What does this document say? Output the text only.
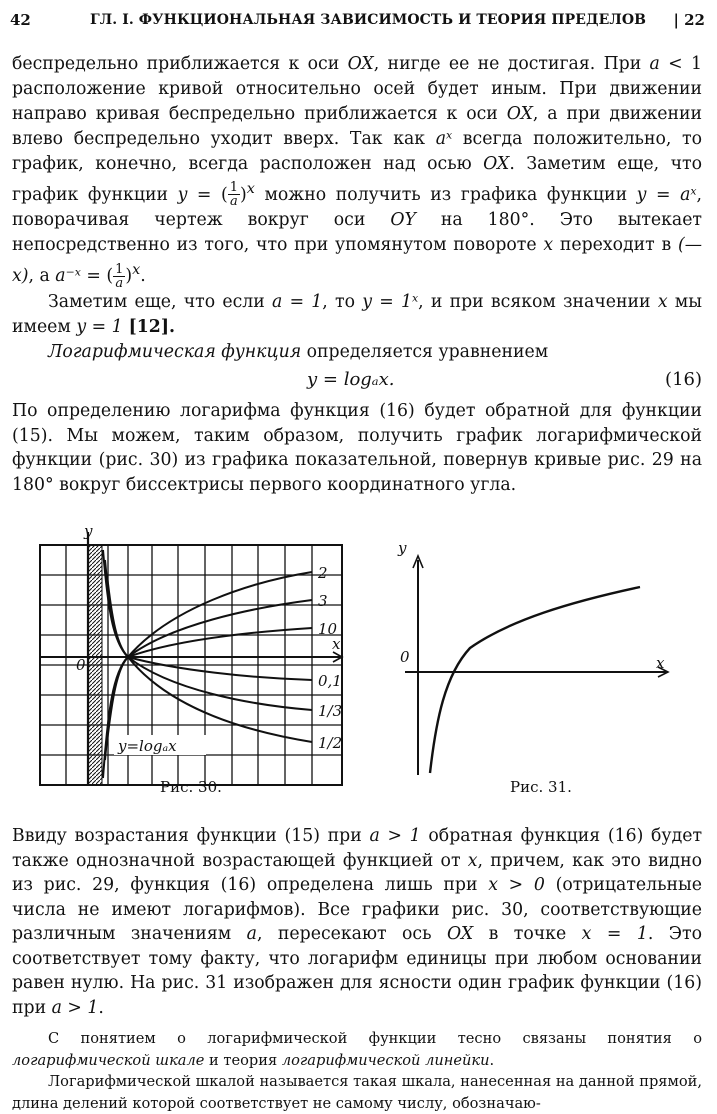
42	ГЛ. I. ФУНКЦИОНАЛЬНАЯ ЗАВИСИМОСТЬ И ТЕОРИЯ ПРЕДЕЛОВ | 22

беспредельно приближается к оси OX, нигде ее не достигая. При a < 1 расположение кривой относительно осей будет иным. При движении направо кривая беспредельно приближается к оси OX, а при движении влево беспредельно уходит вверх. Так как aˣ всегда положительно, то график, конечно, всегда расположен над осью OX. Заметим еще, что график функции y = ( $\frac{1}{a} )^x$ можно получить из графика функции y = aˣ, поворачивая чертеж вокруг оси OY на 180°. Это вытекает непосредственно из того, что при упомянутом повороте x переходит в (— x), а a⁻ˣ = ( $\frac{1}{a} )^x$.

Заметим еще, что если a = 1, то y = 1ˣ, и при всяком значении x мы имеем y = 1 [12].

Логарифмическая функция определяется уравнением

y = logₐx.	(16)

По определению логарифма функция (16) будет обратной для функции (15). Мы можем, таким образом, получить график логарифмической функции (рис. 30) из графика показательной, повернув кривые рис. 29 на 180° вокруг биссектрисы первого координатного угла.

y
x
0
2
3
10
0,1
1/3
1/2
y=logₐx
y
x
0
Рис. 30.	Рис. 31.

Ввиду возрастания функции (15) при a > 1 обратная функция (16) будет также однозначной возрастающей функцией от x, причем, как это видно из рис. 29, функция (16) определена лишь при x > 0 (отрицательные числа не имеют логарифмов). Все графики рис. 30, соответствующие различным значениям a, пересекают ось OX в точке x = 1. Это соответствует тому факту, что логарифм единицы при любом основании равен нулю. На рис. 31 изображен для ясности один график функции (16) при a > 1.

С понятием о логарифмической функции тесно связаны понятия о логарифмической шкале и теория логарифмической линейки.

Логарифмической шкалой называется такая шкала, нанесенная на данной прямой, длина делений которой соответствует не самому числу, обозначаю-
